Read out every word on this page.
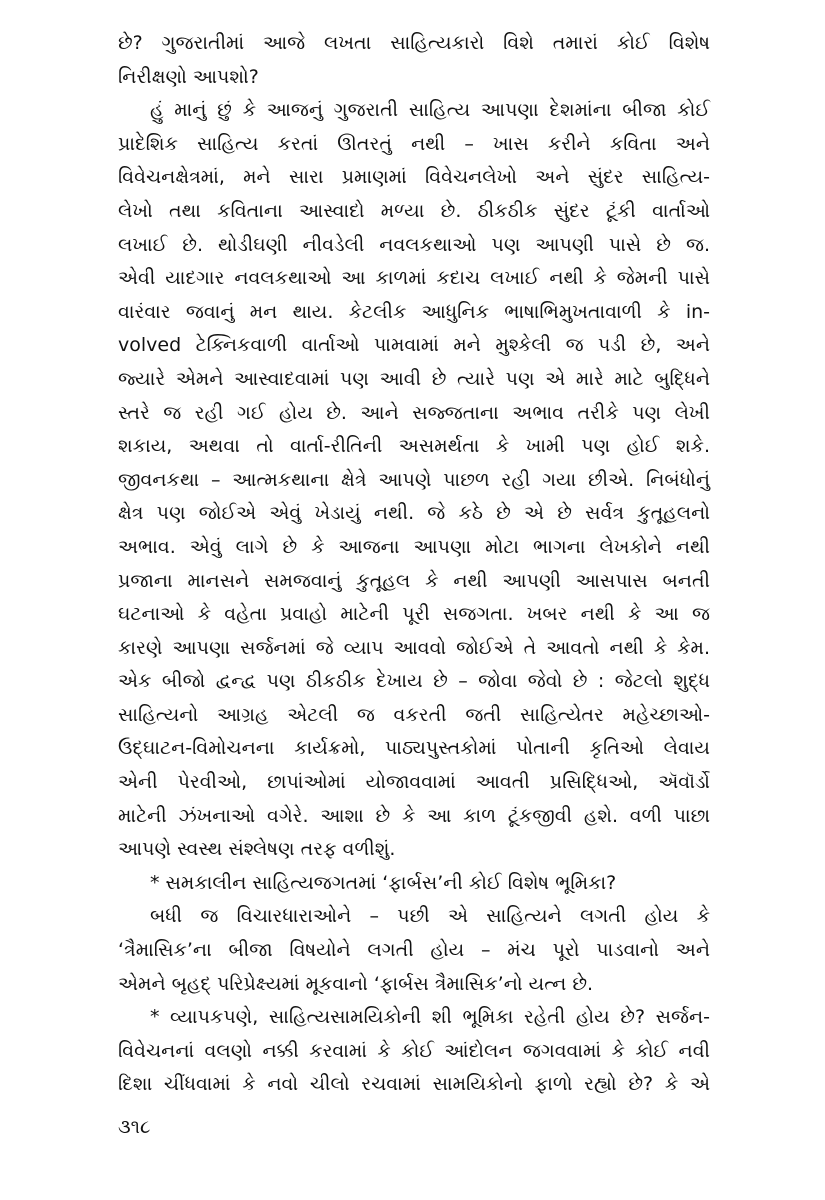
છે? ગુજરાતીમાં આજે લખતા સાહિત્યકારો વિશે તમારાં કોઈ વિશેષ
નિરીક્ષણો આપશો?
હું માનું છું કે આજનું ગુજરાતી સાહિત્ય આપણા દેશમાંના બીજા કોઈ
પ્રાદેશિક સાહિત્ય કરતાં ઊતરતું નથી – ખાસ કરીને કવિતા અને
વિવેચનક્ષેત્રમાં, મને સારા પ્રમાણમાં વિવેચનલેખો અને સુંદર સાહિત્ય-
લેખો તથા કવિતાના આસ્વાદો મળ્યા છે. ઠીકઠીક સુંદર ટૂંકી વાર્તાઓ
લખાઈ છે. થોડીઘણી નીવડેલી નવલકથાઓ પણ આપણી પાસે છે જ.
એવી યાદગાર નવલકથાઓ આ કાળમાં કદાચ લખાઈ નથી કે જેમની પાસે
વારંવાર જવાનું મન થાય. કેટલીક આધુનિક ભાષાભિમુખતાવાળી કે in-
volved ટેક્નિકવાળી વાર્તાઓ પામવામાં મને મુશ્કેલી જ પડી છે, અને
જ્યારે એમને આસ્વાદવામાં પણ આવી છે ત્યારે પણ એ મારે માટે બુદ્ધિને
સ્તરે જ રહી ગઈ હોય છે. આને સજ્જતાના અભાવ તરીકે પણ લેખી
શકાય, અથવા તો વાર્તા-રીતિની અસમર્થતા કે ખામી પણ હોઈ શકે.
જીવનકથા – આત્મકથાના ક્ષેત્રે આપણે પાછળ રહી ગયા છીએ. નિબંધોનું
ક્ષેત્ર પણ જોઈએ એવું ખેડાયું નથી. જે કઠે છે એ છે સર્વત્ર કુતૂહલનો
અભાવ. એવું લાગે છે કે આજના આપણા મોટા ભાગના લેખકોને નથી
પ્રજાના માનસને સમજવાનું કુતૂહલ કે નથી આપણી આસપાસ બનતી
ઘટનાઓ કે વહેતા પ્રવાહો માટેની પૂરી સજગતા. ખબર નથી કે આ જ
કારણે આપણા સર્જનમાં જે વ્યાપ આવવો જોઈએ તે આવતો નથી કે કેમ.
એક બીજો દ્વન્દ્વ પણ ઠીકઠીક દેખાય છે – જોવા જેવો છે : જેટલો શુદ્ધ
સાહિત્યનો આગ્રહ એટલી જ વકરતી જતી સાહિત્યેતર મહેચ્છાઓ-
ઉદ્‌ઘાટન-વિમોચનના કાર્યક્રમો, પાઠ્યપુસ્તકોમાં પોતાની કૃતિઓ લેવાય
એની પેરવીઓ, છાપાંઓમાં યોજાવવામાં આવતી પ્રસિદ્ધિઓ, ઍવૉર્ડો
માટેની ઝંખનાઓ વગેરે. આશા છે કે આ કાળ ટૂંકજીવી હશે. વળી પાછા
આપણે સ્વસ્થ સંશ્લેષણ તરફ વળીશું.
* સમકાલીન સાહિત્યજગતમાં ‘ફાર્બસ’ની કોઈ વિશેષ ભૂમિકા?
બધી જ વિચારધારાઓને – પછી એ સાહિત્યને લગતી હોય કે
‘ત્રૈમાસિક’ના બીજા વિષયોને લગતી હોય – મંચ પૂરો પાડવાનો અને
એમને બૃહદ્ પરિપ્રેક્ષ્યમાં મૂકવાનો ‘ફાર્બસ ત્રૈમાસિક’નો યત્ન છે.
* વ્યાપકપણે, સાહિત્યસામયિકોની શી ભૂમિકા રહેતી હોય છે? સર્જન-
વિવેચનનાં વલણો નક્કી કરવામાં કે કોઈ આંદોલન જગવવામાં કે કોઈ નવી
દિશા ચીંધવામાં કે નવો ચીલો રચવામાં સામયિકોનો ફાળો રહ્યો છે? કે એ
૩૧૮
